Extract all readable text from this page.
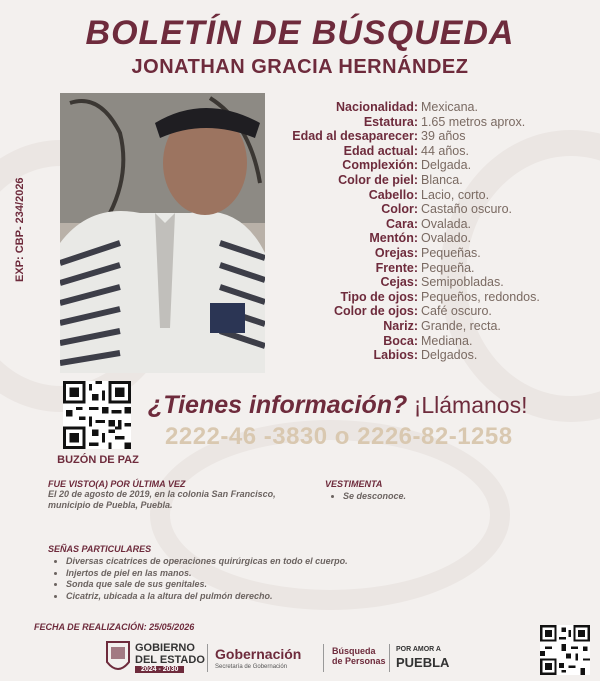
BOLETÍN DE BÚSQUEDA
JONATHAN GRACIA HERNÁNDEZ
EXP: CBP- 234/2026
Nacionalidad: Mexicana.
Estatura: 1.65 metros aprox.
Edad al desaparecer: 39 años
Edad actual: 44 años.
Complexión: Delgada.
Color de piel: Blanca.
Cabello: Lacio, corto.
Color: Castaño oscuro.
Cara: Ovalada.
Mentón: Ovalado.
Orejas: Pequeñas.
Frente: Pequeña.
Cejas: Semipobladas.
Tipo de ojos: Pequeños, redondos.
Color de ojos: Café oscuro.
Nariz: Grande, recta.
Boca: Mediana.
Labios: Delgados.
BUZÓN DE PAZ
¿Tienes información? ¡Llámanos!
2222-46 -3830 o 2226-82-1258
FUE VISTO(A) POR ÚLTIMA VEZ
El 20 de agosto de 2019, en la colonia San Francisco, municipio de Puebla, Puebla.
VESTIMENTA
• Se desconoce.
SEÑAS PARTICULARES
• Diversas cicatrices de operaciones quirúrgicas en todo el cuerpo.
• Injertos de piel en las manos.
• Sonda que sale de sus genitales.
• Cicatriz, ubicada a la altura del pulmón derecho.
FECHA DE REALIZACIÓN: 25/05/2026
GOBIERNO
DEL ESTADO
2024 - 2030
Gobernación
Secretaría de Gobernación
Búsqueda
de Personas
POR AMOR A
PUEBLA
